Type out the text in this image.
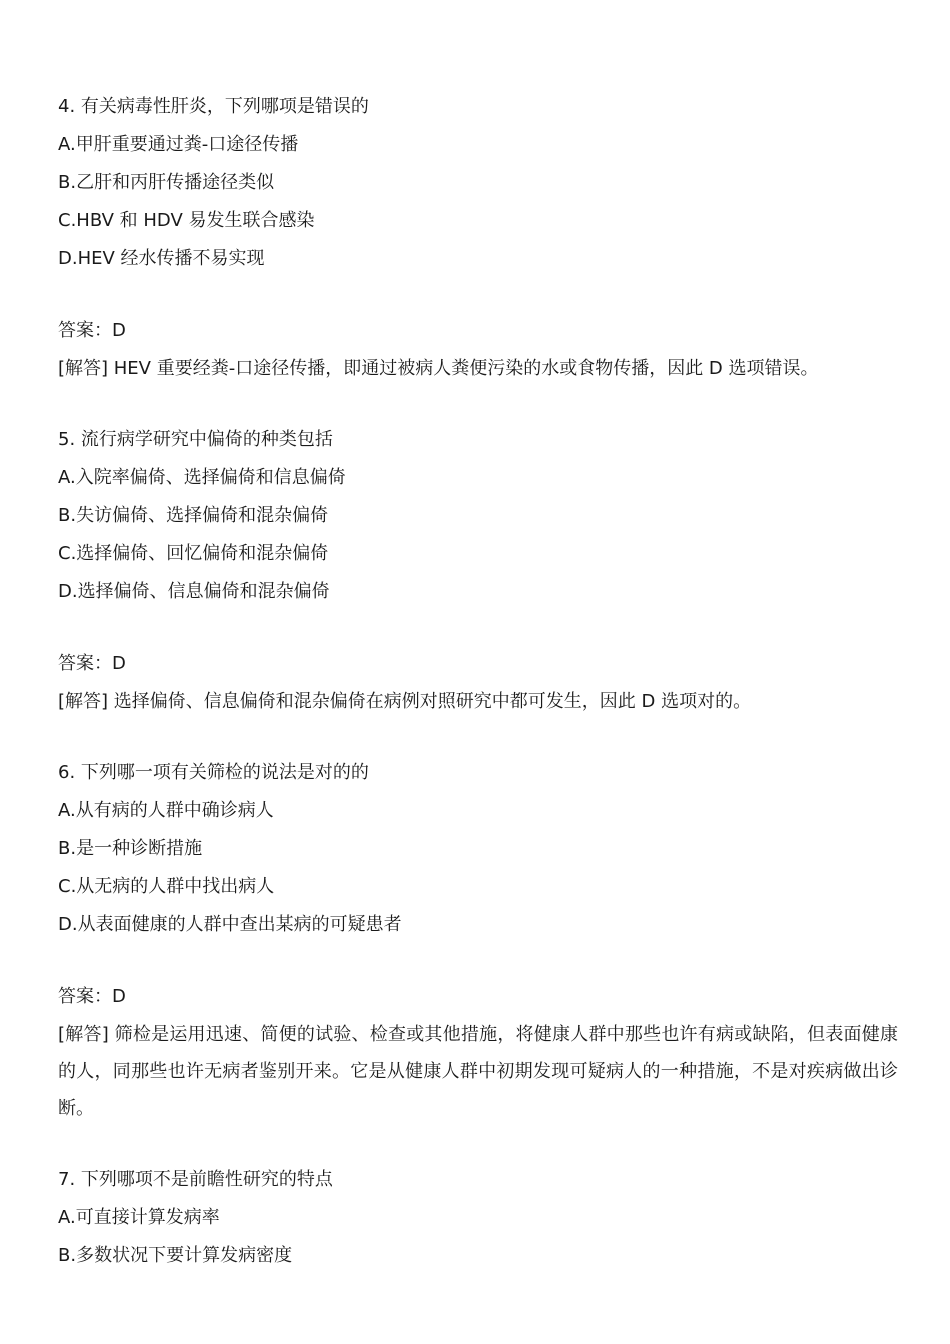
4. 有关病毒性肝炎，下列哪项是错误的
A.甲肝重要通过粪-口途径传播
B.乙肝和丙肝传播途径类似
C.HBV 和 HDV 易发生联合感染
D.HEV 经水传播不易实现
答案：D
[解答] HEV 重要经粪-口途径传播，即通过被病人粪便污染的水或食物传播，因此 D 选项错误。
5. 流行病学研究中偏倚的种类包括
A.入院率偏倚、选择偏倚和信息偏倚
B.失访偏倚、选择偏倚和混杂偏倚
C.选择偏倚、回忆偏倚和混杂偏倚
D.选择偏倚、信息偏倚和混杂偏倚
答案：D
[解答] 选择偏倚、信息偏倚和混杂偏倚在病例对照研究中都可发生，因此 D 选项对的。
6. 下列哪一项有关筛检的说法是对的的
A.从有病的人群中确诊病人
B.是一种诊断措施
C.从无病的人群中找出病人
D.从表面健康的人群中查出某病的可疑患者
答案：D
[解答] 筛检是运用迅速、简便的试验、检查或其他措施，将健康人群中那些也许有病或缺陷，但表面健康的人，同那些也许无病者鉴别开来。它是从健康人群中初期发现可疑病人的一种措施，不是对疾病做出诊断。
7. 下列哪项不是前瞻性研究的特点
A.可直接计算发病率
B.多数状况下要计算发病密度
